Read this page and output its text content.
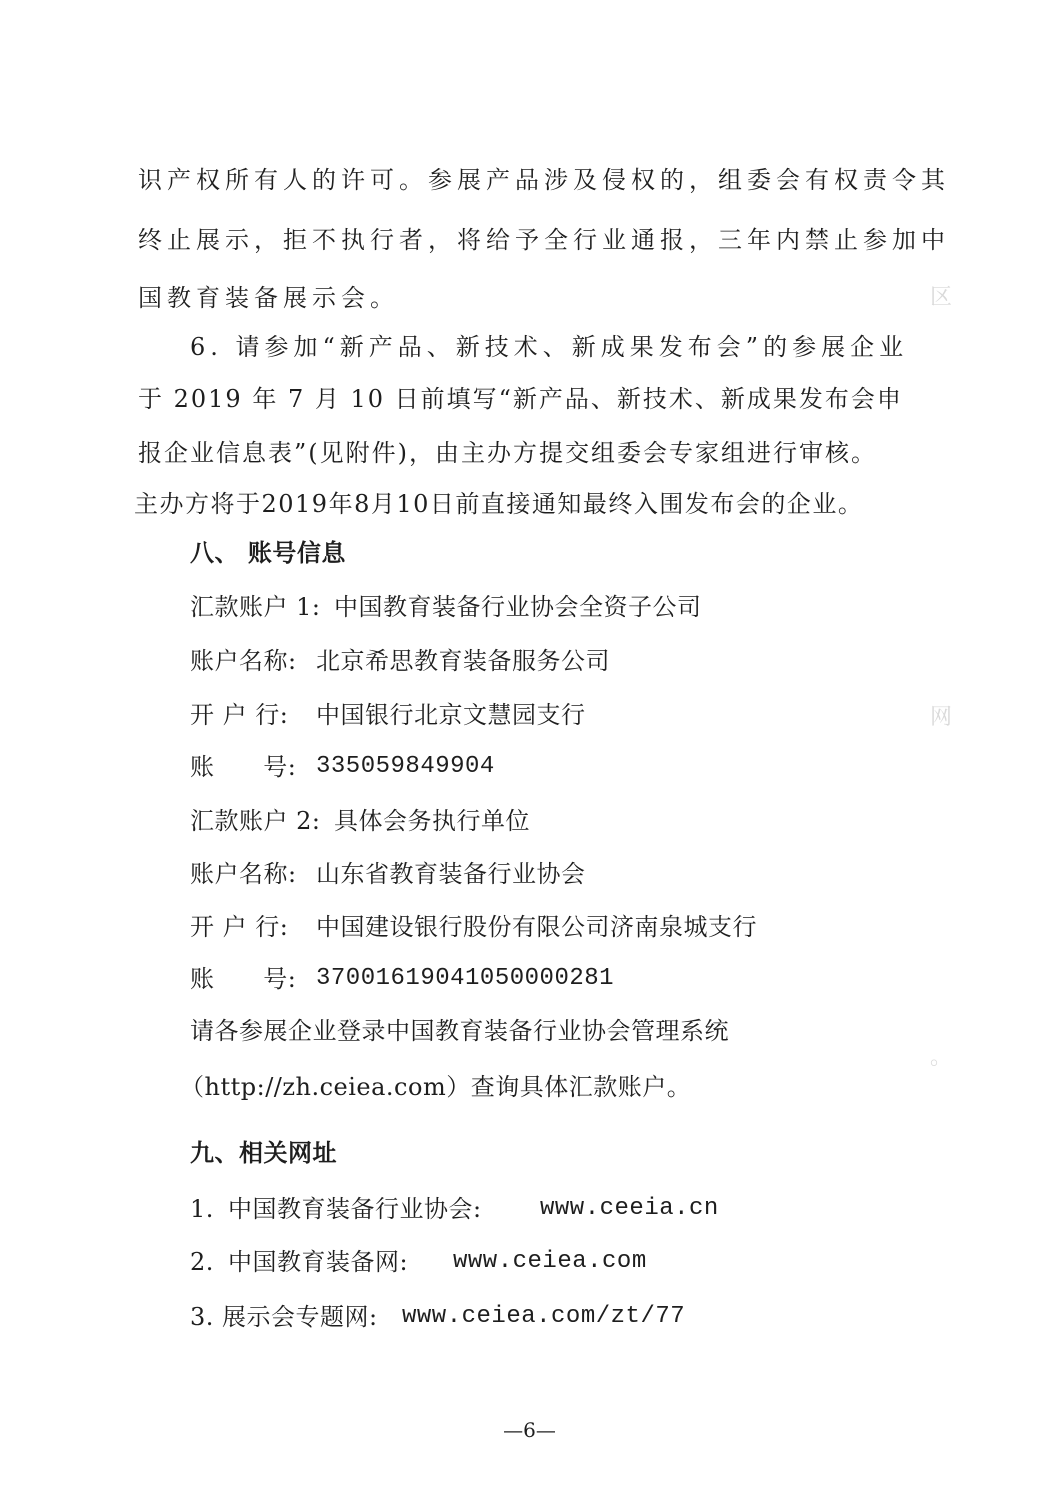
区
网
。
识产权所有人的许可。参展产品涉及侵权的，组委会有权责令其
终止展示，拒不执行者，将给予全行业通报，三年内禁止参加中
国教育装备展示会。
6. 请参加“新产品、新技术、新成果发布会”的参展企业
于 2019 年 7 月 10 日前填写“新产品、新技术、新成果发布会申
报企业信息表”(见附件)，由主办方提交组委会专家组进行审核。
主办方将于2019年8月10日前直接通知最终入围发布会的企业。
八、 账号信息
汇款账户 1: 中国教育装备行业协会全资子公司
账户名称: 北京希思教育装备服务公司
开 户 行: 中国银行北京文慧园支行
账      号: 335059849904
汇款账户 2: 具体会务执行单位
账户名称: 山东省教育装备行业协会
开 户 行: 中国建设银行股份有限公司济南泉城支行
账      号: 37001619041050000281
请各参展企业登录中国教育装备行业协会管理系统
（http://zh.ceiea.com）查询具体汇款账户。
九、相关网址
1. 中国教育装备行业协会: www.ceeia.cn
2. 中国教育装备网: www.ceiea.com
3. 展示会专题网: www.ceiea.com/zt/77
—6—
